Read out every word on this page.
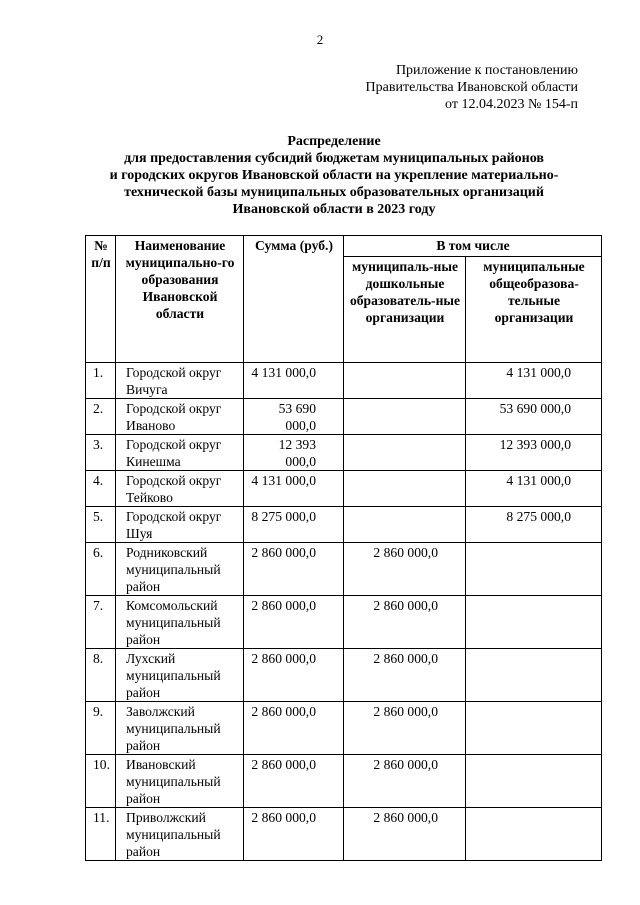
2
Приложение к постановлению
Правительства Ивановской области
от 12.04.2023 № 154-п
Распределение
для предоставления субсидий бюджетам муниципальных районов
и городских округов Ивановской области на укрепление материально-
технической базы муниципальных образовательных организаций
Ивановской области в 2023 году
№ п/п	Наименование муниципально-го образования Ивановской области	Сумма (руб.)	В том числе	
			муниципаль-ные дошкольные образователь-ные организации	муниципальные общеобразова-тельные организации
1.	Городской округ Вичуга	4 131 000,0		4 131 000,0
2.	Городской округ Иваново	53 690 000,0		53 690 000,0
3.	Городской округ Кинешма	12 393 000,0		12 393 000,0
4.	Городской округ Тейково	4 131 000,0		4 131 000,0
5.	Городской округ Шуя	8 275 000,0		8 275 000,0
6.	Родниковский муниципальный район	2 860 000,0	2 860 000,0	
7.	Комсомольский муниципальный район	2 860 000,0	2 860 000,0	
8.	Лухский муниципальный район	2 860 000,0	2 860 000,0	
9.	Заволжский муниципальный район	2 860 000,0	2 860 000,0	
10.	Ивановский муниципальный район	2 860 000,0	2 860 000,0	
11.	Приволжский муниципальный район	2 860 000,0	2 860 000,0	
